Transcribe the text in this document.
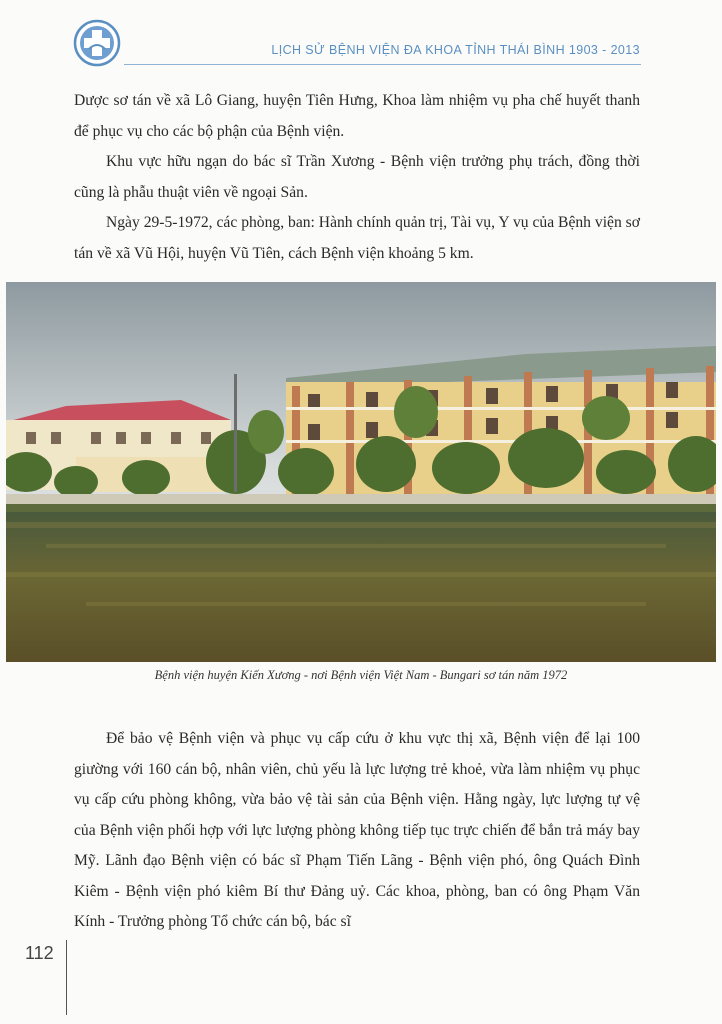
LỊCH SỬ BỆNH VIỆN ĐA KHOA TỈNH THÁI BÌNH 1903 - 2013

Dược sơ tán về xã Lô Giang, huyện Tiên Hưng, Khoa làm nhiệm vụ pha chế huyết thanh để phục vụ cho các bộ phận của Bệnh viện.

Khu vực hữu ngạn do bác sĩ Trần Xương - Bệnh viện trưởng phụ trách, đồng thời cũng là phẫu thuật viên về ngoại Sản.

Ngày 29-5-1972, các phòng, ban: Hành chính quản trị, Tài vụ, Y vụ của Bệnh viện sơ tán về xã Vũ Hội, huyện Vũ Tiên, cách Bệnh viện khoảng 5 km.

Bệnh viện huyện Kiến Xương - nơi Bệnh viện Việt Nam - Bungari sơ tán năm 1972

Để bảo vệ Bệnh viện và phục vụ cấp cứu ở khu vực thị xã, Bệnh viện để lại 100 giường với 160 cán bộ, nhân viên, chủ yếu là lực lượng trẻ khoẻ, vừa làm nhiệm vụ phục vụ cấp cứu phòng không, vừa bảo vệ tài sản của Bệnh viện. Hằng ngày, lực lượng tự vệ của Bệnh viện phối hợp với lực lượng phòng không tiếp tục trực chiến để bắn trả máy bay Mỹ. Lãnh đạo Bệnh viện có bác sĩ Phạm Tiến Lãng - Bệnh viện phó, ông Quách Đình Kiêm - Bệnh viện phó kiêm Bí thư Đảng uỷ. Các khoa, phòng, ban có ông Phạm Văn Kính - Trưởng phòng Tổ chức cán bộ, bác sĩ

112
